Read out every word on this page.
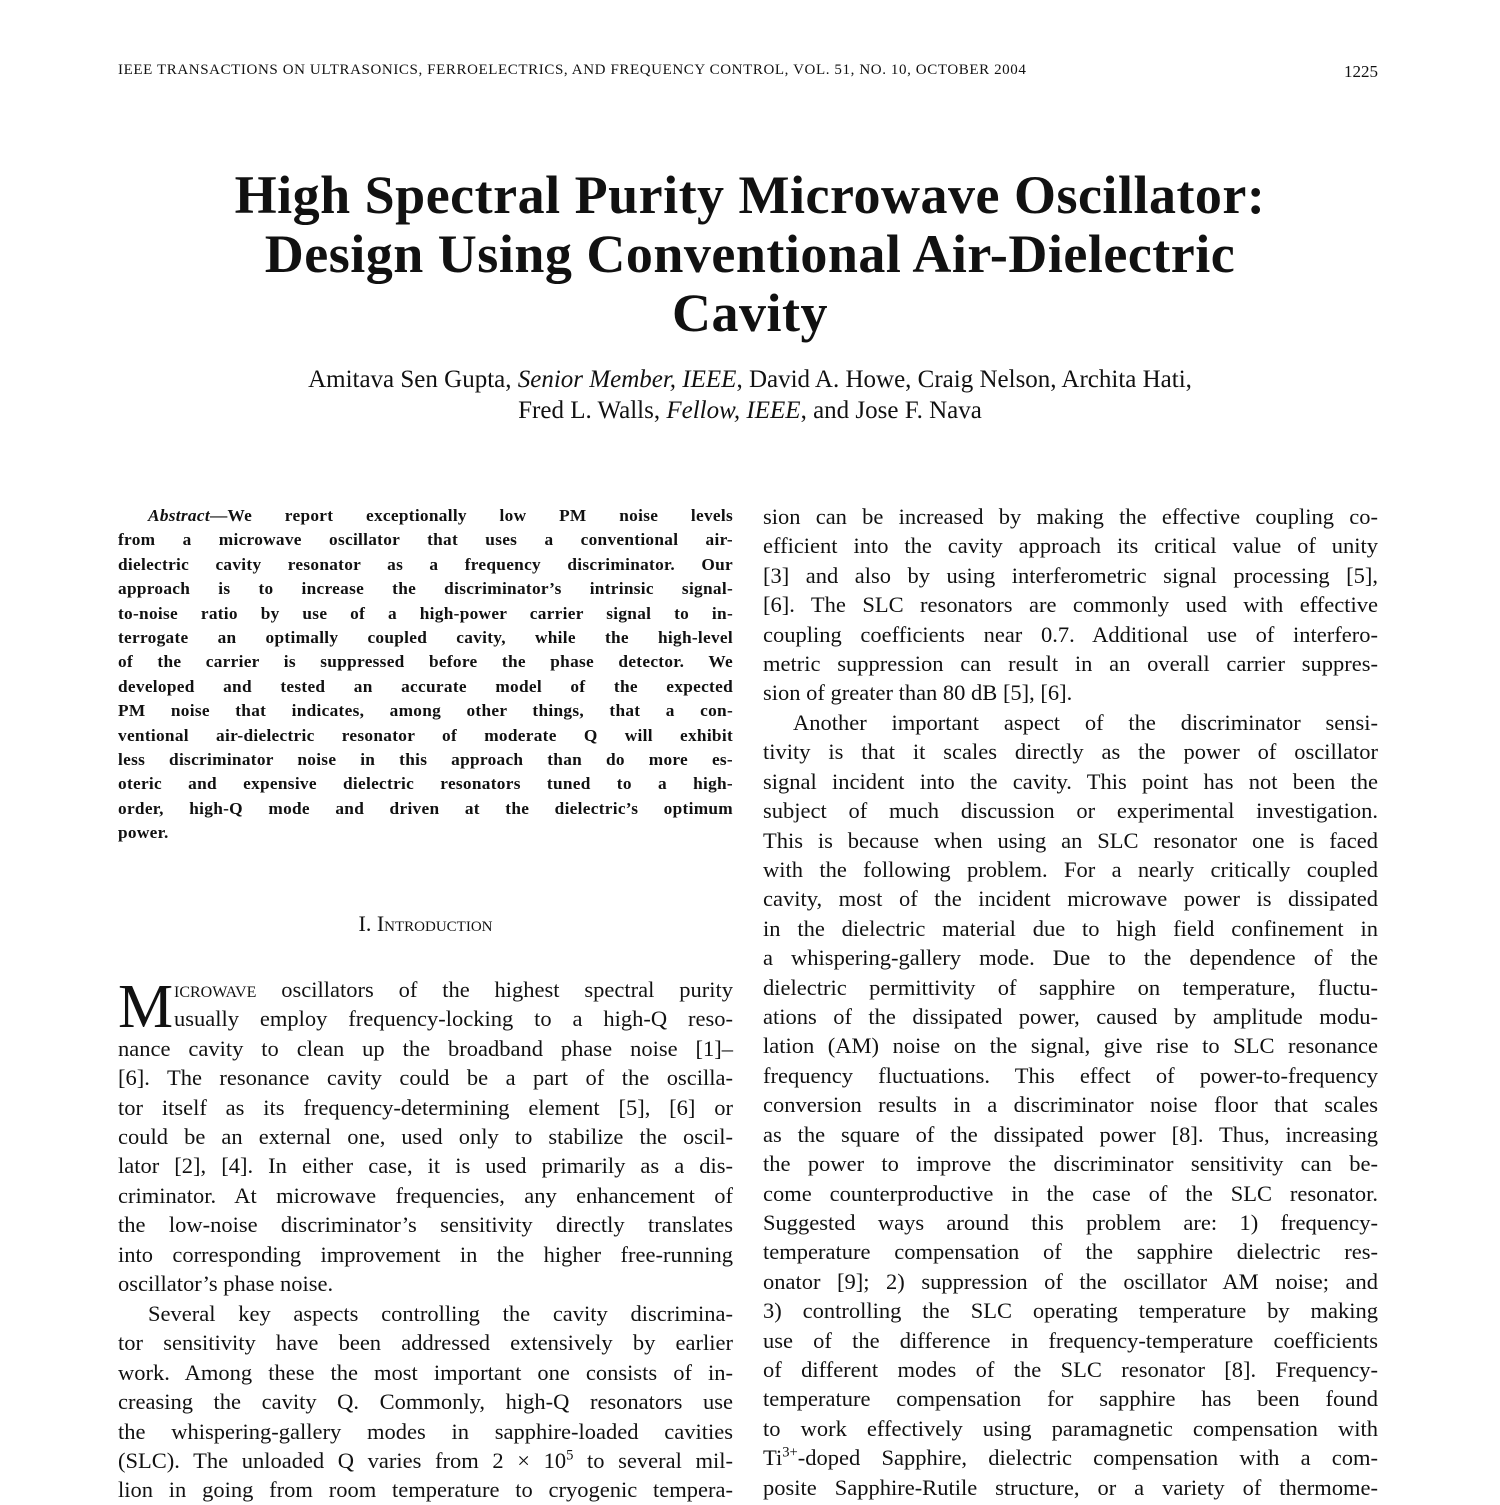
IEEE TRANSACTIONS ON ULTRASONICS, FERROELECTRICS, AND FREQUENCY CONTROL, VOL. 51, NO. 10, OCTOBER 2004	1225
High Spectral Purity Microwave Oscillator:
Design Using Conventional Air-Dielectric
Cavity
Amitava Sen Gupta, Senior Member, IEEE, David A. Howe, Craig Nelson, Archita Hati,
Fred L. Walls, Fellow, IEEE, and Jose F. Nava
Abstract—We report exceptionally low PM noise levels
from a microwave oscillator that uses a conventional air-
dielectric cavity resonator as a frequency discriminator. Our
approach is to increase the discriminator’s intrinsic signal-
to-noise ratio by use of a high-power carrier signal to in-
terrogate an optimally coupled cavity, while the high-level
of the carrier is suppressed before the phase detector. We
developed and tested an accurate model of the expected
PM noise that indicates, among other things, that a con-
ventional air-dielectric resonator of moderate Q will exhibit
less discriminator noise in this approach than do more es-
oteric and expensive dielectric resonators tuned to a high-
order, high-Q mode and driven at the dielectric’s optimum
power.
I. Introduction
M icrowave oscillators of the highest spectral purity
usually employ frequency-locking to a high-Q reso-
nance cavity to clean up the broadband phase noise [1]–
[6]. The resonance cavity could be a part of the oscilla-
tor itself as its frequency-determining element [5], [6] or
could be an external one, used only to stabilize the oscil-
lator [2], [4]. In either case, it is used primarily as a dis-
criminator. At microwave frequencies, any enhancement of
the low-noise discriminator’s sensitivity directly translates
into corresponding improvement in the higher free-running
oscillator’s phase noise.
Several key aspects controlling the cavity discrimina-
tor sensitivity have been addressed extensively by earlier
work. Among these the most important one consists of in-
creasing the cavity Q. Commonly, high-Q resonators use
the whispering-gallery modes in sapphire-loaded cavities
(SLC). The unloaded Q varies from $2 \times 10^5$ to several mil-
lion in going from room temperature to cryogenic tempera-
sion can be increased by making the effective coupling co-
efficient into the cavity approach its critical value of unity
[3] and also by using interferometric signal processing [5],
[6]. The SLC resonators are commonly used with effective
coupling coefficients near 0.7. Additional use of interfero-
metric suppression can result in an overall carrier suppres-
sion of greater than 80 dB [5], [6].
Another important aspect of the discriminator sensi-
tivity is that it scales directly as the power of oscillator
signal incident into the cavity. This point has not been the
subject of much discussion or experimental investigation.
This is because when using an SLC resonator one is faced
with the following problem. For a nearly critically coupled
cavity, most of the incident microwave power is dissipated
in the dielectric material due to high field confinement in
a whispering-gallery mode. Due to the dependence of the
dielectric permittivity of sapphire on temperature, fluctu-
ations of the dissipated power, caused by amplitude modu-
lation (AM) noise on the signal, give rise to SLC resonance
frequency fluctuations. This effect of power-to-frequency
conversion results in a discriminator noise floor that scales
as the square of the dissipated power [8]. Thus, increasing
the power to improve the discriminator sensitivity can be-
come counterproductive in the case of the SLC resonator.
Suggested ways around this problem are: 1) frequency-
temperature compensation of the sapphire dielectric res-
onator [9]; 2) suppression of the oscillator AM noise; and
3) controlling the SLC operating temperature by making
use of the difference in frequency-temperature coefficients
of different modes of the SLC resonator [8]. Frequency-
temperature compensation for sapphire has been found
to work effectively using paramagnetic compensation with
$Ti^{3+}$-doped Sapphire, dielectric compensation with a com-
posite Sapphire-Rutile structure, or a variety of thermome-
